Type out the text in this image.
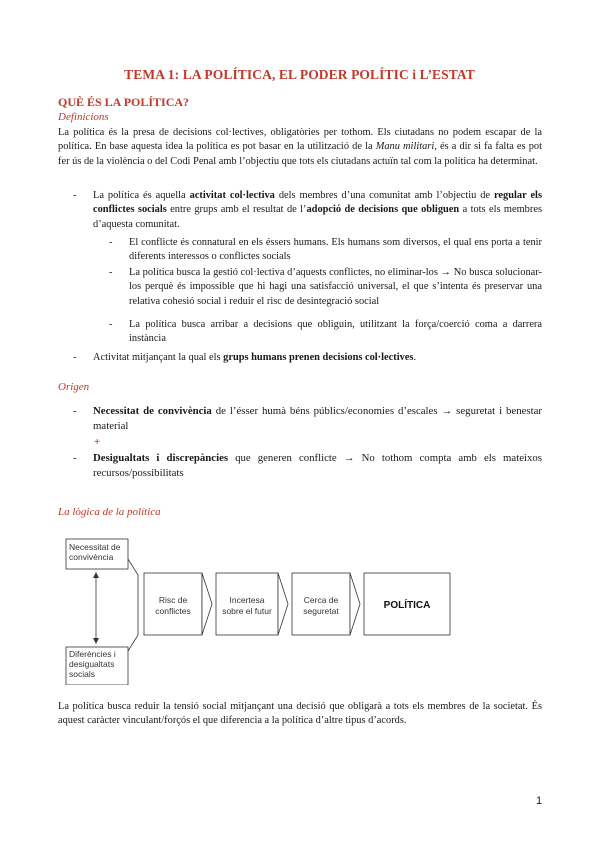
TEMA 1: LA POLÍTICA, EL PODER POLÍTIC i L’ESTAT
QUÈ ÉS LA POLÍTICA?
Definicions
La política és la presa de decisions col·lectives, obligatòries per tothom. Els ciutadans no podem escapar de la política. En base aquesta idea la política es pot basar en la utilització de la Manu militari, és a dir si fa falta es pot fer ús de la violència o del Codi Penal amb l’objectiu que tots els ciutadans actuïn tal com la política ha determinat.
- La política és aquella activitat col·lectiva dels membres d’una comunitat amb l’objectiu de regular els conflictes socials entre grups amb el resultat de l’adopció de decisions que obliguen a tots els membres d’aquesta comunitat.
- El conflicte és connatural en els éssers humans. Els humans som diversos, el qual ens porta a tenir diferents interessos o conflictes socials
- La política busca la gestió col·lectiva d’aquests conflictes, no eliminar-los → No busca solucionar-los perquè és impossible que hi hagi una satisfacció universal, el que s’intenta és preservar una relativa cohesió social i reduir el risc de desintegració social
- La política busca arribar a decisions que obliguin, utilitzant la força/coerció coma a darrera instància
- Activitat mitjançant la qual els grups humans prenen decisions col·lectives.
Origen
- Necessitat de convivència de l’ésser humà béns públics/economies d’escales → seguretat i benestar material
+
- Desigualtats i discrepàncies que generen conflicte → No tothom compta amb els mateixos recursos/possibilitats
La lògica de la política
Necessitat de
convivència
Diferències i
desigualtats
socials
Risc de
conflictes
Incertesa
sobre el futur
Cerca de
seguretat	POLÍTICA
La política busca reduir la tensió social mitjançant una decisió que obligarà a tots els membres de la societat. És aquest caràcter vinculant/forçós el que diferencia a la política d’altre tipus d’acords.
1
